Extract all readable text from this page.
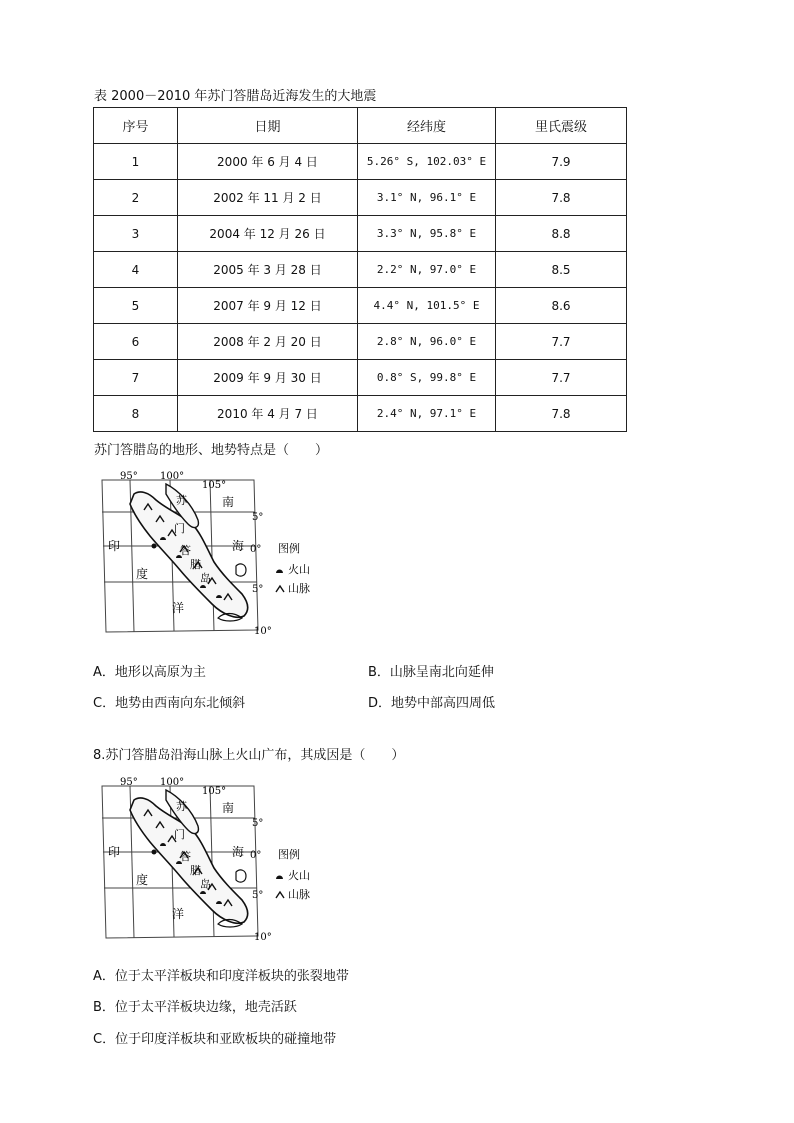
表 2000－2010 年苏门答腊岛近海发生的大地震
序号	日期	经纬度	里氏震级
1	2000 年 6 月 4 日	5.26° S, 102.03° E	7.9
2	2002 年 11 月 2 日	3.1° N, 96.1° E	7.8
3	2004 年 12 月 26 日	3.3° N, 95.8° E	8.8
4	2005 年 3 月 28 日	2.2° N, 97.0° E	8.5
5	2007 年 9 月 12 日	4.4° N, 101.5° E	8.6
6	2008 年 2 月 20 日	2.8° N, 96.0° E	7.7
7	2009 年 9 月 30 日	0.8° S, 99.8° E	7.7
8	2010 年 4 月 7 日	2.4° N, 97.1° E	7.8
苏门答腊岛的地形、地势特点是（　　）
95° 100°
105°
5°
0°
5°
10°
南
海
印
度
洋
苏
门
答
腊
岛
图例
火山
山脉
A．地形以高原为主	B．山脉呈南北向延伸
C．地势由西南向东北倾斜	D．地势中部高四周低
8.苏门答腊岛沿海山脉上火山广布，其成因是（　　）
95° 100°
105°
5°
0°
5°
10°
南
海
印
度
洋
苏
门
答
腊
岛
图例
火山
山脉
A．位于太平洋板块和印度洋板块的张裂地带
B．位于太平洋板块边缘，地壳活跃
C．位于印度洋板块和亚欧板块的碰撞地带
